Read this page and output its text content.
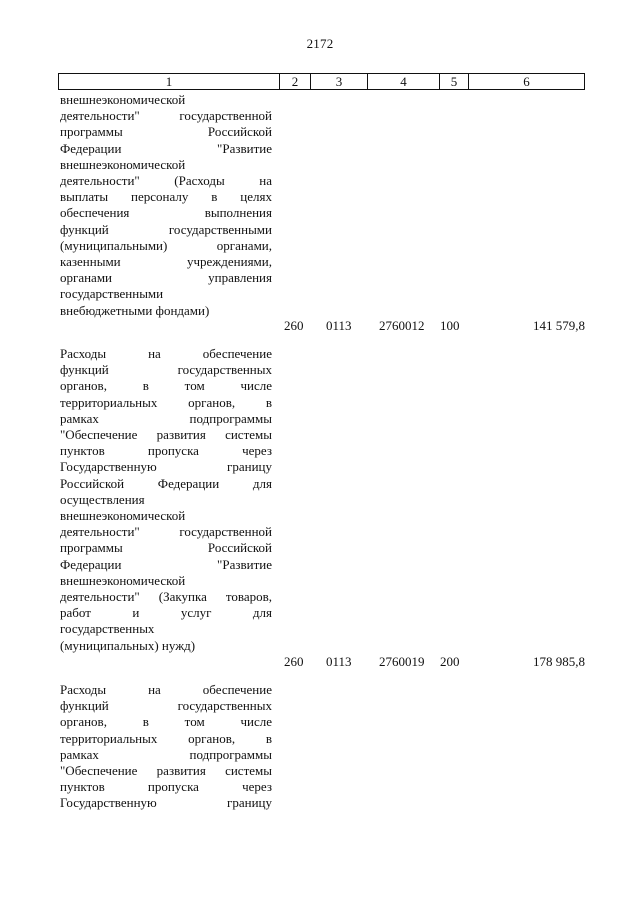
2172
1	2	3	4	5	6
внешнеэкономической
деятельности" государственной
программы Российской
Федерации "Развитие
внешнеэкономической
деятельности" (Расходы на
выплаты персоналу в целях
обеспечения выполнения
функций государственными
(муниципальными) органами,
казенными учреждениями,
органами управления
государственными
внебюджетными фондами)
260 0113 2760012 100	141 579,8
Расходы на обеспечение
функций государственных
органов, в том числе
территориальных органов, в
рамках подпрограммы
"Обеспечение развития системы
пунктов пропуска через
Государственную границу
Российской Федерации для
осуществления
внешнеэкономической
деятельности" государственной
программы Российской
Федерации "Развитие
внешнеэкономической
деятельности" (Закупка товаров,
работ и услуг для
государственных
(муниципальных) нужд)
260 0113 2760019 200	178 985,8
Расходы на обеспечение
функций государственных
органов, в том числе
территориальных органов, в
рамках подпрограммы
"Обеспечение развития системы
пунктов пропуска через
Государственную границу
